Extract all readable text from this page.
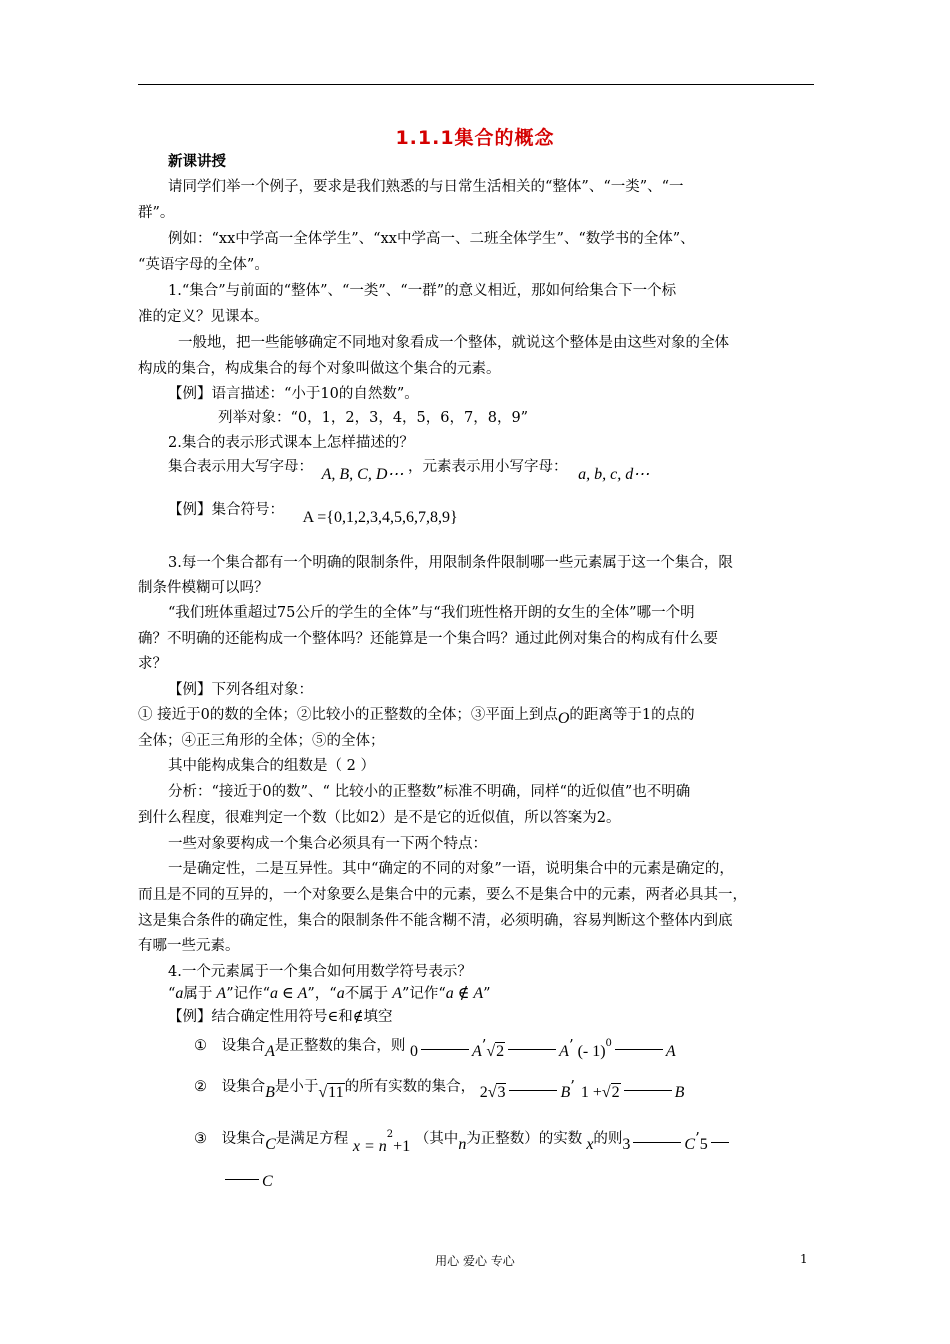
1.1.1集合的概念
新课讲授
请同学们举一个例子，要求是我们熟悉的与日常生活相关的“整体”、“一类”、“一
群”。
例如：“xx中学高一全体学生”、“xx中学高一、二班全体学生”、“数学书的全体”、
“英语字母的全体”。
1.“集合”与前面的“整体”、“一类”、“一群”的意义相近，那如何给集合下一个标
准的定义？见课本。
一般地，把一些能够确定不同地对象看成一个整体，就说这个整体是由这些对象的全体
构成的集合，构成集合的每个对象叫做这个集合的元素。
【例】语言描述：“小于10的自然数”。
列举对象：“0，1，2，3，4，5，6，7，8，9”
2.集合的表示形式课本上怎样描述的？
集合表示用大写字母： A, B, C, D⋯ ，元素表示用小写字母： a, b, c, d⋯
【例】集合符号： A ={0,1,2,3,4,5,6,7,8,9}
3.每一个集合都有一个明确的限制条件，用限制条件限制哪一些元素属于这一个集合，限
制条件模糊可以吗？
“我们班体重超过75公斤的学生的全体”与“我们班性格开朗的女生的全体”哪一个明
确？不明确的还能构成一个整体吗？还能算是一个集合吗？通过此例对集合的构成有什么要
求？
【例】下列各组对象：
① 接近于0的数的全体；②比较小的正整数的全体；③平面上到点O的距离等于1的点的
全体；④正三角形的全体；⑤的全体；
其中能构成集合的组数是（ 2 ）
分析：“接近于0的数”、“ 比较小的正整数”标准不明确，同样“的近似值”也不明确
到什么程度，很难判定一个数（比如2）是不是它的近似值，所以答案为2。
一些对象要构成一个集合必须具有一下两个特点：
一是确定性，二是互异性。其中“确定的不同的对象”一语，说明集合中的元素是确定的，
而且是不同的互异的，一个对象要么是集合中的元素，要么不是集合中的元素，两者必具其一，
这是集合条件的确定性，集合的限制条件不能含糊不清，必须明确，容易判断这个整体内到底
有哪一些元素。
4.一个元素属于一个集合如何用数学符号表示？
“a属于 A”记作“a ∈ A”，“a不属于 A”记作“a ∉ A”
【例】结合确定性用符号∈和∉填空
① 设集合A是正整数的集合，则 0	A’√2	A’ (- 1)$^0$	A
② 设集合B是小于√11的所有实数的集合， 2√3	B’ 1 +√2	B
③ 设集合C是满足方程 $x = n^2+1$ （其中n为正整数）的实数 x的则3	C’5
C
用心 爱心 专心	1
